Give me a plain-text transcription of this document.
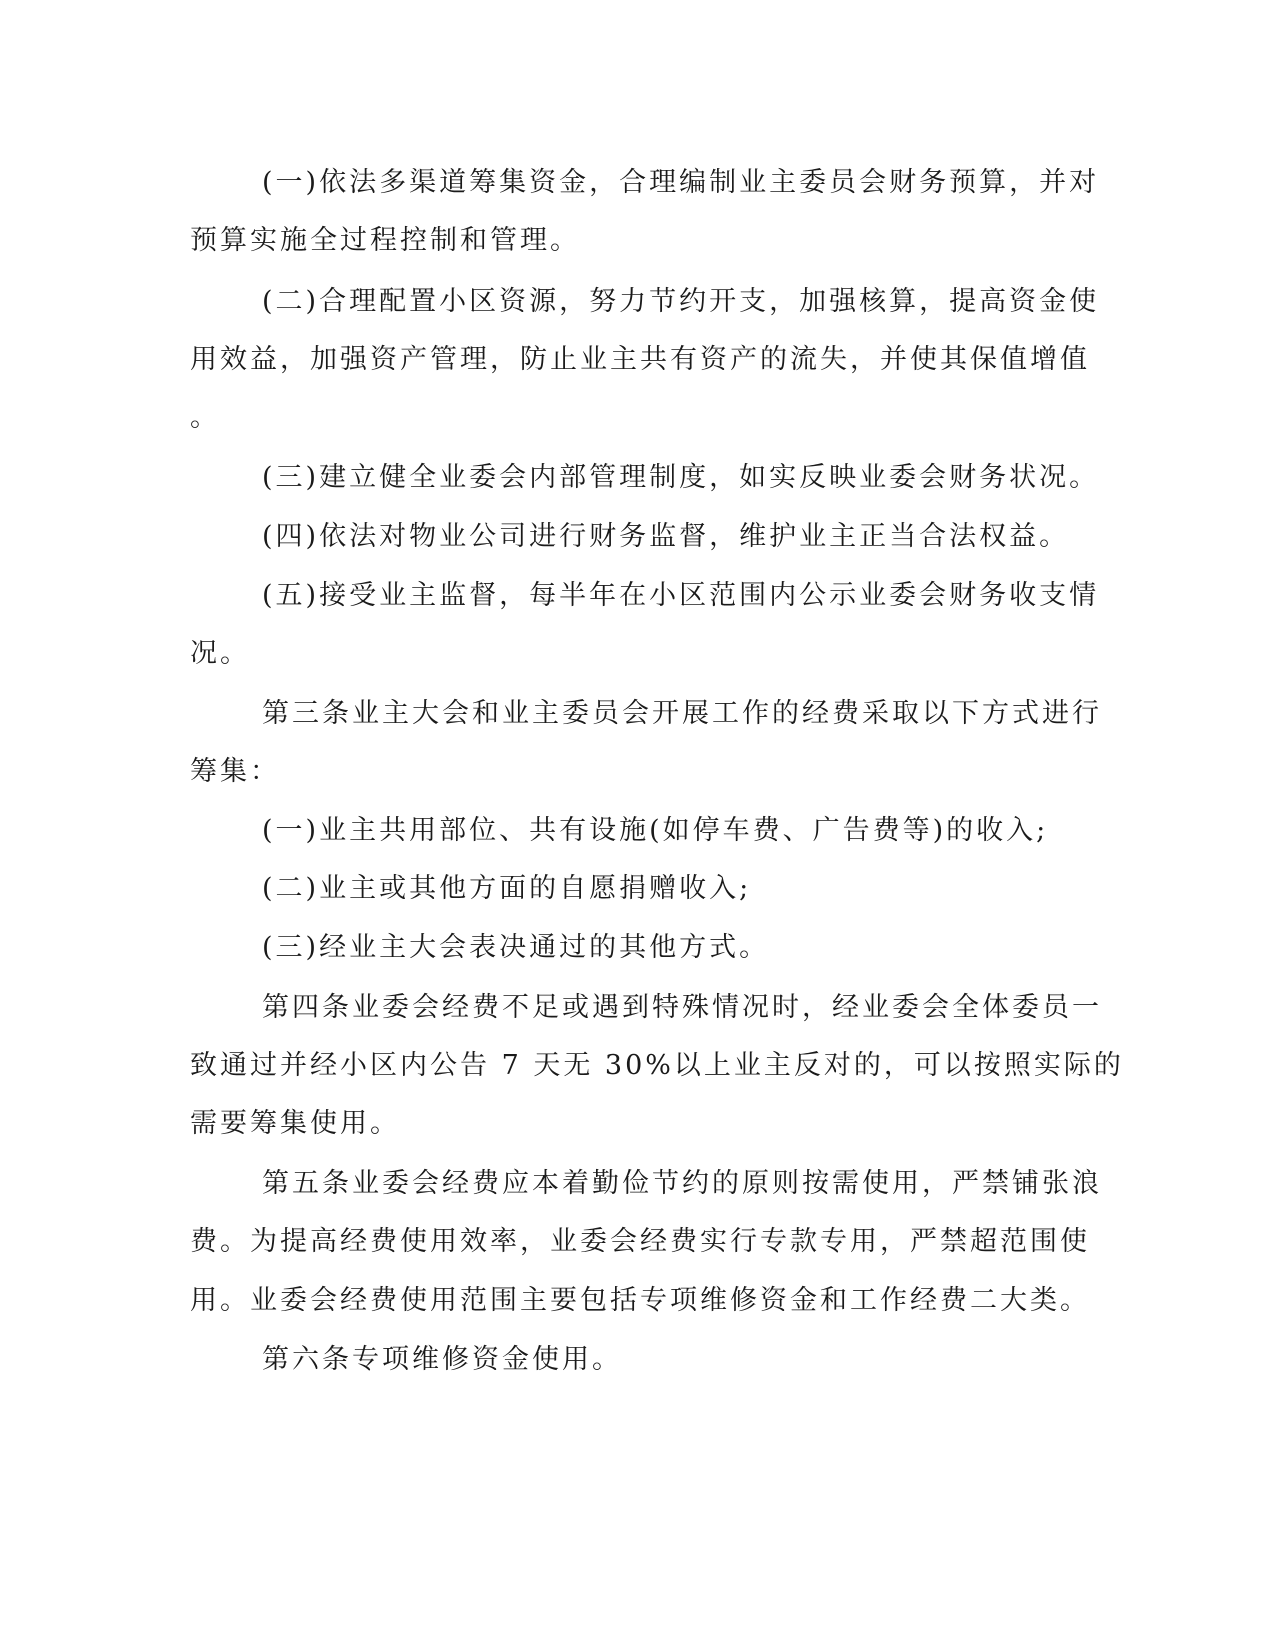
(一)依法多渠道筹集资金，合理编制业主委员会财务预算，并对

预算实施全过程控制和管理。

(二)合理配置小区资源，努力节约开支，加强核算，提高资金使

用效益，加强资产管理，防止业主共有资产的流失，并使其保值增值

。

(三)建立健全业委会内部管理制度，如实反映业委会财务状况。

(四)依法对物业公司进行财务监督，维护业主正当合法权益。

(五)接受业主监督，每半年在小区范围内公示业委会财务收支情

况。

第三条业主大会和业主委员会开展工作的经费采取以下方式进行

筹集：

(一)业主共用部位、共有设施(如停车费、广告费等)的收入;

(二)业主或其他方面的自愿捐赠收入;

(三)经业主大会表决通过的其他方式。

第四条业委会经费不足或遇到特殊情况时，经业委会全体委员一

致通过并经小区内公告 7 天无 30%以上业主反对的，可以按照实际的

需要筹集使用。

第五条业委会经费应本着勤俭节约的原则按需使用，严禁铺张浪

费。为提高经费使用效率，业委会经费实行专款专用，严禁超范围使

用。业委会经费使用范围主要包括专项维修资金和工作经费二大类。

第六条专项维修资金使用。
